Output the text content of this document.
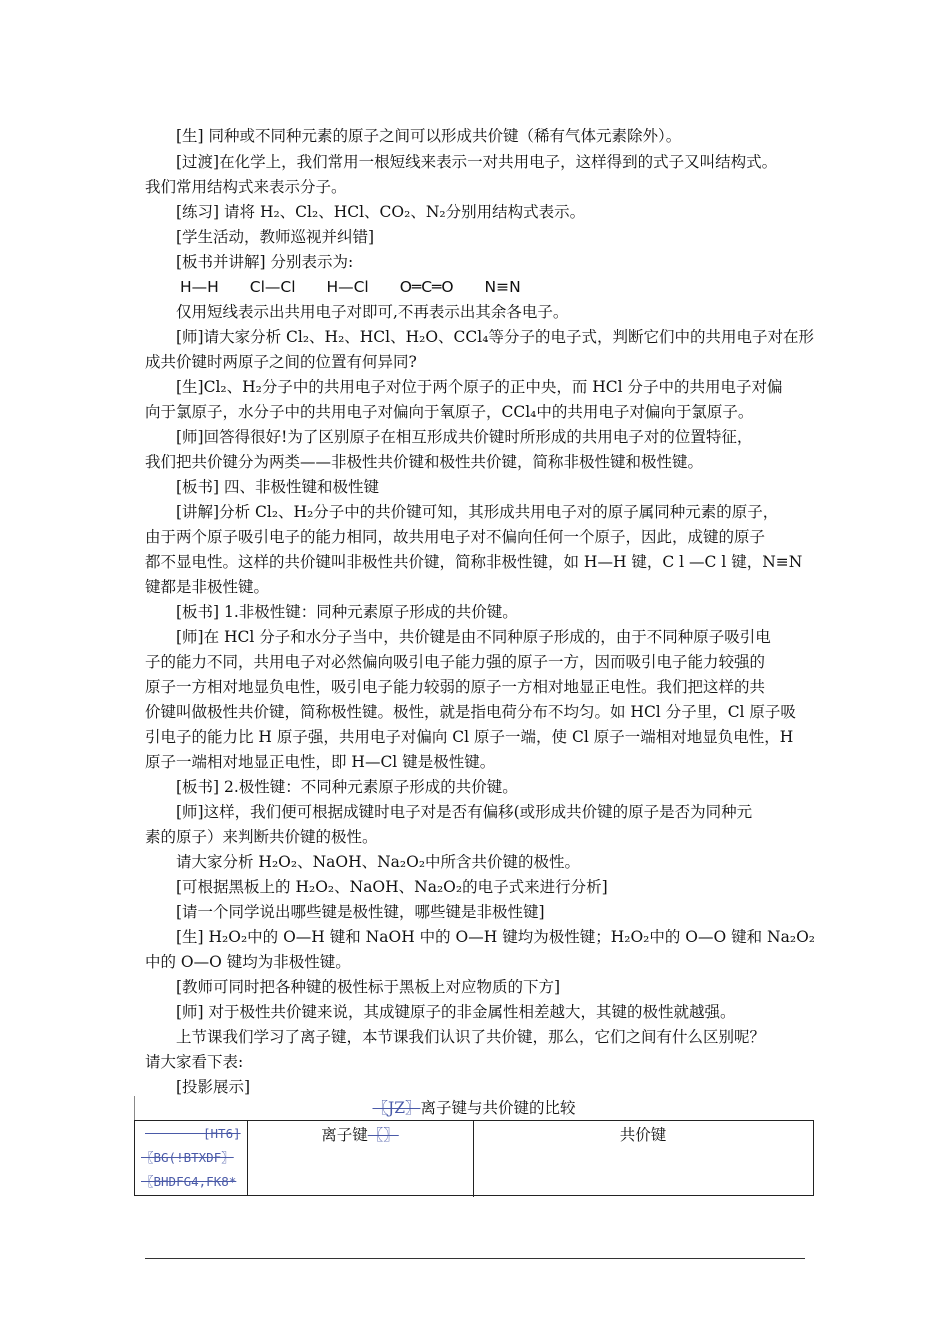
[生] 同种或不同种元素的原子之间可以形成共价键（稀有气体元素除外）。
[过渡]在化学上，我们常用一根短线来表示一对共用电子，这样得到的式子又叫结构式。
我们常用结构式来表示分子。
[练习] 请将 H₂、Cl₂、HCl、CO₂、N₂分别用结构式表示。
[学生活动，教师巡视并纠错]
[板书并讲解] 分别表示为:
H—H Cl—Cl H—Cl O═C═O N≡N
仅用短线表示出共用电子对即可,不再表示出其余各电子。
[师]请大家分析 Cl₂、H₂、HCl、H₂O、CCl₄等分子的电子式，判断它们中的共用电子对在形
成共价键时两原子之间的位置有何异同?
[生]Cl₂、H₂分子中的共用电子对位于两个原子的正中央，而 HCl 分子中的共用电子对偏
向于氯原子，水分子中的共用电子对偏向于氧原子，CCl₄中的共用电子对偏向于氯原子。
[师]回答得很好!为了区别原子在相互形成共价键时所形成的共用电子对的位置特征，
我们把共价键分为两类——非极性共价键和极性共价键，简称非极性键和极性键。
[板书] 四、非极性键和极性键
[讲解]分析 Cl₂、H₂分子中的共价键可知，其形成共用电子对的原子属同种元素的原子，
由于两个原子吸引电子的能力相同，故共用电子对不偏向任何一个原子，因此，成键的原子
都不显电性。这样的共价键叫非极性共价键，简称非极性键，如 H—H 键，C l —C l 键，N≡N
键都是非极性键。
[板书] 1.非极性键：同种元素原子形成的共价键。
[师]在 HCl 分子和水分子当中，共价键是由不同种原子形成的，由于不同种原子吸引电
子的能力不同，共用电子对必然偏向吸引电子能力强的原子一方，因而吸引电子能力较强的
原子一方相对地显负电性，吸引电子能力较弱的原子一方相对地显正电性。我们把这样的共
价键叫做极性共价键，简称极性键。极性，就是指电荷分布不均匀。如 HCl 分子里，Cl 原子吸
引电子的能力比 H 原子强，共用电子对偏向 Cl 原子一端，使 Cl 原子一端相对地显负电性，H
原子一端相对地显正电性，即 H—Cl 键是极性键。
[板书] 2.极性键：不同种元素原子形成的共价键。
[师]这样，我们便可根据成键时电子对是否有偏移(或形成共价键的原子是否为同种元
素的原子）来判断共价键的极性。
请大家分析 H₂O₂、NaOH、Na₂O₂中所含共价键的极性。
[可根据黑板上的 H₂O₂、NaOH、Na₂O₂的电子式来进行分析]
[请一个同学说出哪些键是极性键，哪些键是非极性键]
[生] H₂O₂中的 O—H 键和 NaOH 中的 O—H 键均为极性键；H₂O₂中的 O—O 键和 Na₂O₂
中的 O—O 键均为非极性键。
[教师可同时把各种键的极性标于黑板上对应物质的下方]
[师] 对于极性共价键来说，其成键原子的非金属性相差越大，其键的极性就越强。
上节课我们学习了离子键，本节课我们认识了共价键，那么，它们之间有什么区别呢？
请大家看下表:
[投影展示]
〖JZ〗离子键与共价键的比较
[HT6]
〖BG(!BTXDF〗
〖BHDFG4,FK8*
离子键〖〗	共价键
